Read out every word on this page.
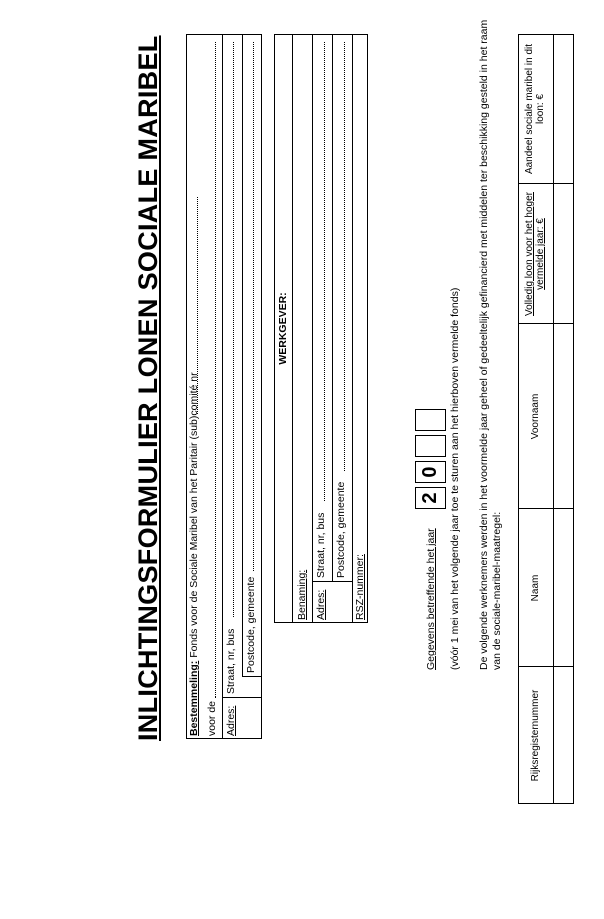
INLICHTINGSFORMULIER LONEN SOCIALE MARIBEL Bestemmeling: Fonds voor de Sociale Maribel van het Paritair (sub)comité nr
voor de Adres:
Straat, nr, bus Postcode, gemeente
WERKGEVER:
Benaming: Adres:
Straat, nr, bus Postcode, gemeente
RSZ-nummer:	Gegevens betreffende het jaar
2
0 (vóór 1 mei van het volgende jaar toe te sturen aan het hierboven vermelde fonds) De volgende werknemers werden in het voormelde jaar geheel of gedeeltelijk gefinancierd met middelen ter beschikking gesteld in het raam van de sociale-maribel-maatregel:
Rijksregisternummer
Naam
Voornaam
Volledig loon voor het hoger vermelde jaar: €
Aandeel sociale maribel in dit loon: €
